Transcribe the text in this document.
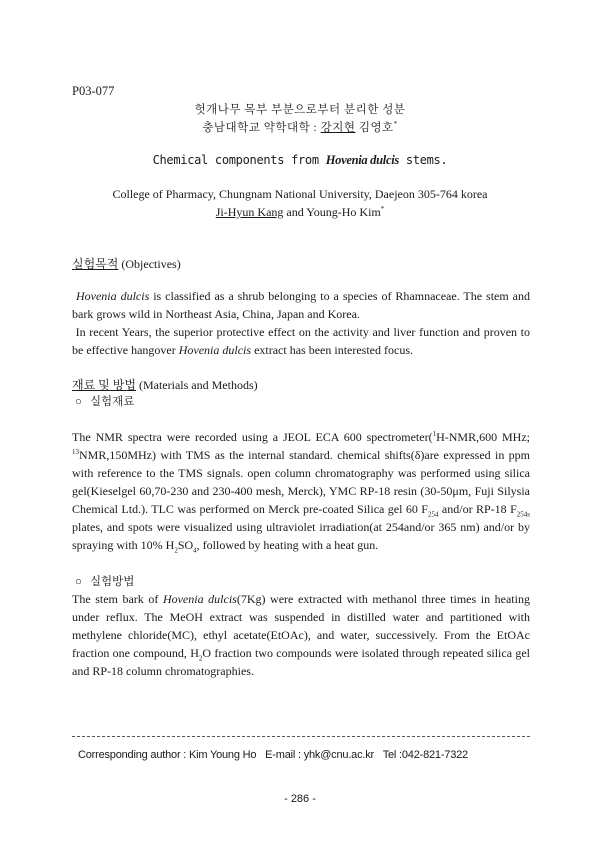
P03-077
헛개나무 목부 부분으로부터 분리한 성분
충남대학교 약학대학 : 강지현 김영호*
Chemical components from Hovenia dulcis stems.
College of Pharmacy, Chungnam National University, Daejeon 305-764 korea
Ji-Hyun Kang and Young-Ho Kim*
실험목적 (Objectives)
Hovenia dulcis is classified as a shrub belonging to a species of Rhamnaceae. The stem and bark grows wild in Northeast Asia, China, Japan and Korea.
In recent Years, the superior protective effect on the activity and liver function and proven to be effective hangover Hovenia dulcis extract has been interested focus.
재료 및 방법 (Materials and Methods)
○ 실험재료
The NMR spectra were recorded using a JEOL ECA 600 spectrometer($^1$H-NMR,600 MHz; $^{13}$NMR,150MHz) with TMS as the internal standard. chemical shifts(δ)are expressed in ppm with reference to the TMS signals. open column chromatography was performed using silica gel(Kieselgel 60,70-230 and 230-400 mesh, Merck), YMC RP-18 resin (30-50μm, Fuji Silysia Chemical Ltd.). TLC was performed on Merck pre-coated Silica gel 60 $F_{254}$ and/or RP-18 $F_{254s}$ plates, and spots were visualized using ultraviolet irradiation(at 254and/or 365 nm) and/or by spraying with 10% $H_2SO_4$, followed by heating with a heat gun.
○ 실험방법
The stem bark of Hovenia dulcis(7Kg) were extracted with methanol three times in heating under reflux. The MeOH extract was suspended in distilled water and partitioned with methylene chloride(MC), ethyl acetate(EtOAc), and water, successively. From the EtOAc fraction one compound, $H_2O$ fraction two compounds were isolated through repeated silica gel and RP-18 column chromatographies.
Corresponding author : Kim Young Ho E-mail : yhk@cnu.ac.kr Tel :042-821-7322
- 286 -
